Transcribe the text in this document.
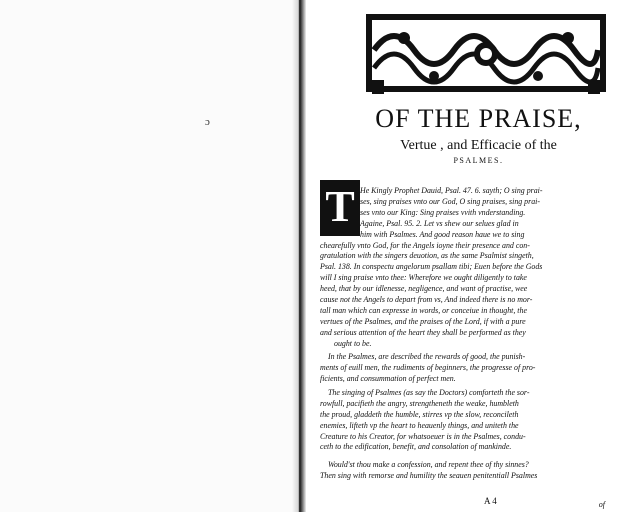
ɔ	OF THE PRAISE,
Vertue , and Efficacie of the
PSALMES.
T He Kingly Prophet Dauid, Psal. 47. 6. sayth; O sing prai-
ses, sing praises vnto our God, O sing praises, sing prai-
ses vnto our King: Sing praises vvith vnderstanding.
Againe, Psal. 95. 2. Let vs shew our selues glad in
him with Psalmes. And good reason haue we to sing
chearefully vnto God, for the Angels ioyne their presence and con-
gratulation with the singers deuotion, as the same Psalmist singeth,
Psal. 138. In conspectu angelorum psallam tibi; Euen before the Gods
will I sing praise vnto thee: Wherefore we ought diligently to take
heed, that by our idlenesse, negligence, and want of practise, wee
cause not the Angels to depart from vs, And indeed there is no mor-
tall man which can expresse in words, or conceiue in thought, the
vertues of the Psalmes, and the praises of the Lord, if with a pure
and serious attention of the heart they shall be performed as they
ought to be.
In the Psalmes, are described the rewards of good, the punish-
ments of euill men, the rudiments of beginners, the progresse of pro-
ficients, and consummation of perfect men.
The singing of Psalmes (as say the Doctors) comforteth the sor-
rowfull, pacifieth the angry, strengtheneth the weake, humbleth
the proud, gladdeth the humble, stirres vp the slow, reconcileth
enemies, lifteth vp the heart to heauenly things, and uniteth the
Creature to his Creator, for whatsoeuer is in the Psalmes, condu-
ceth to the edification, benefit, and consolation of mankinde.
Would'st thou make a confession, and repent thee of thy sinnes?
Then sing with remorse and humility the seauen penitentiall Psalmes
A 4	of
